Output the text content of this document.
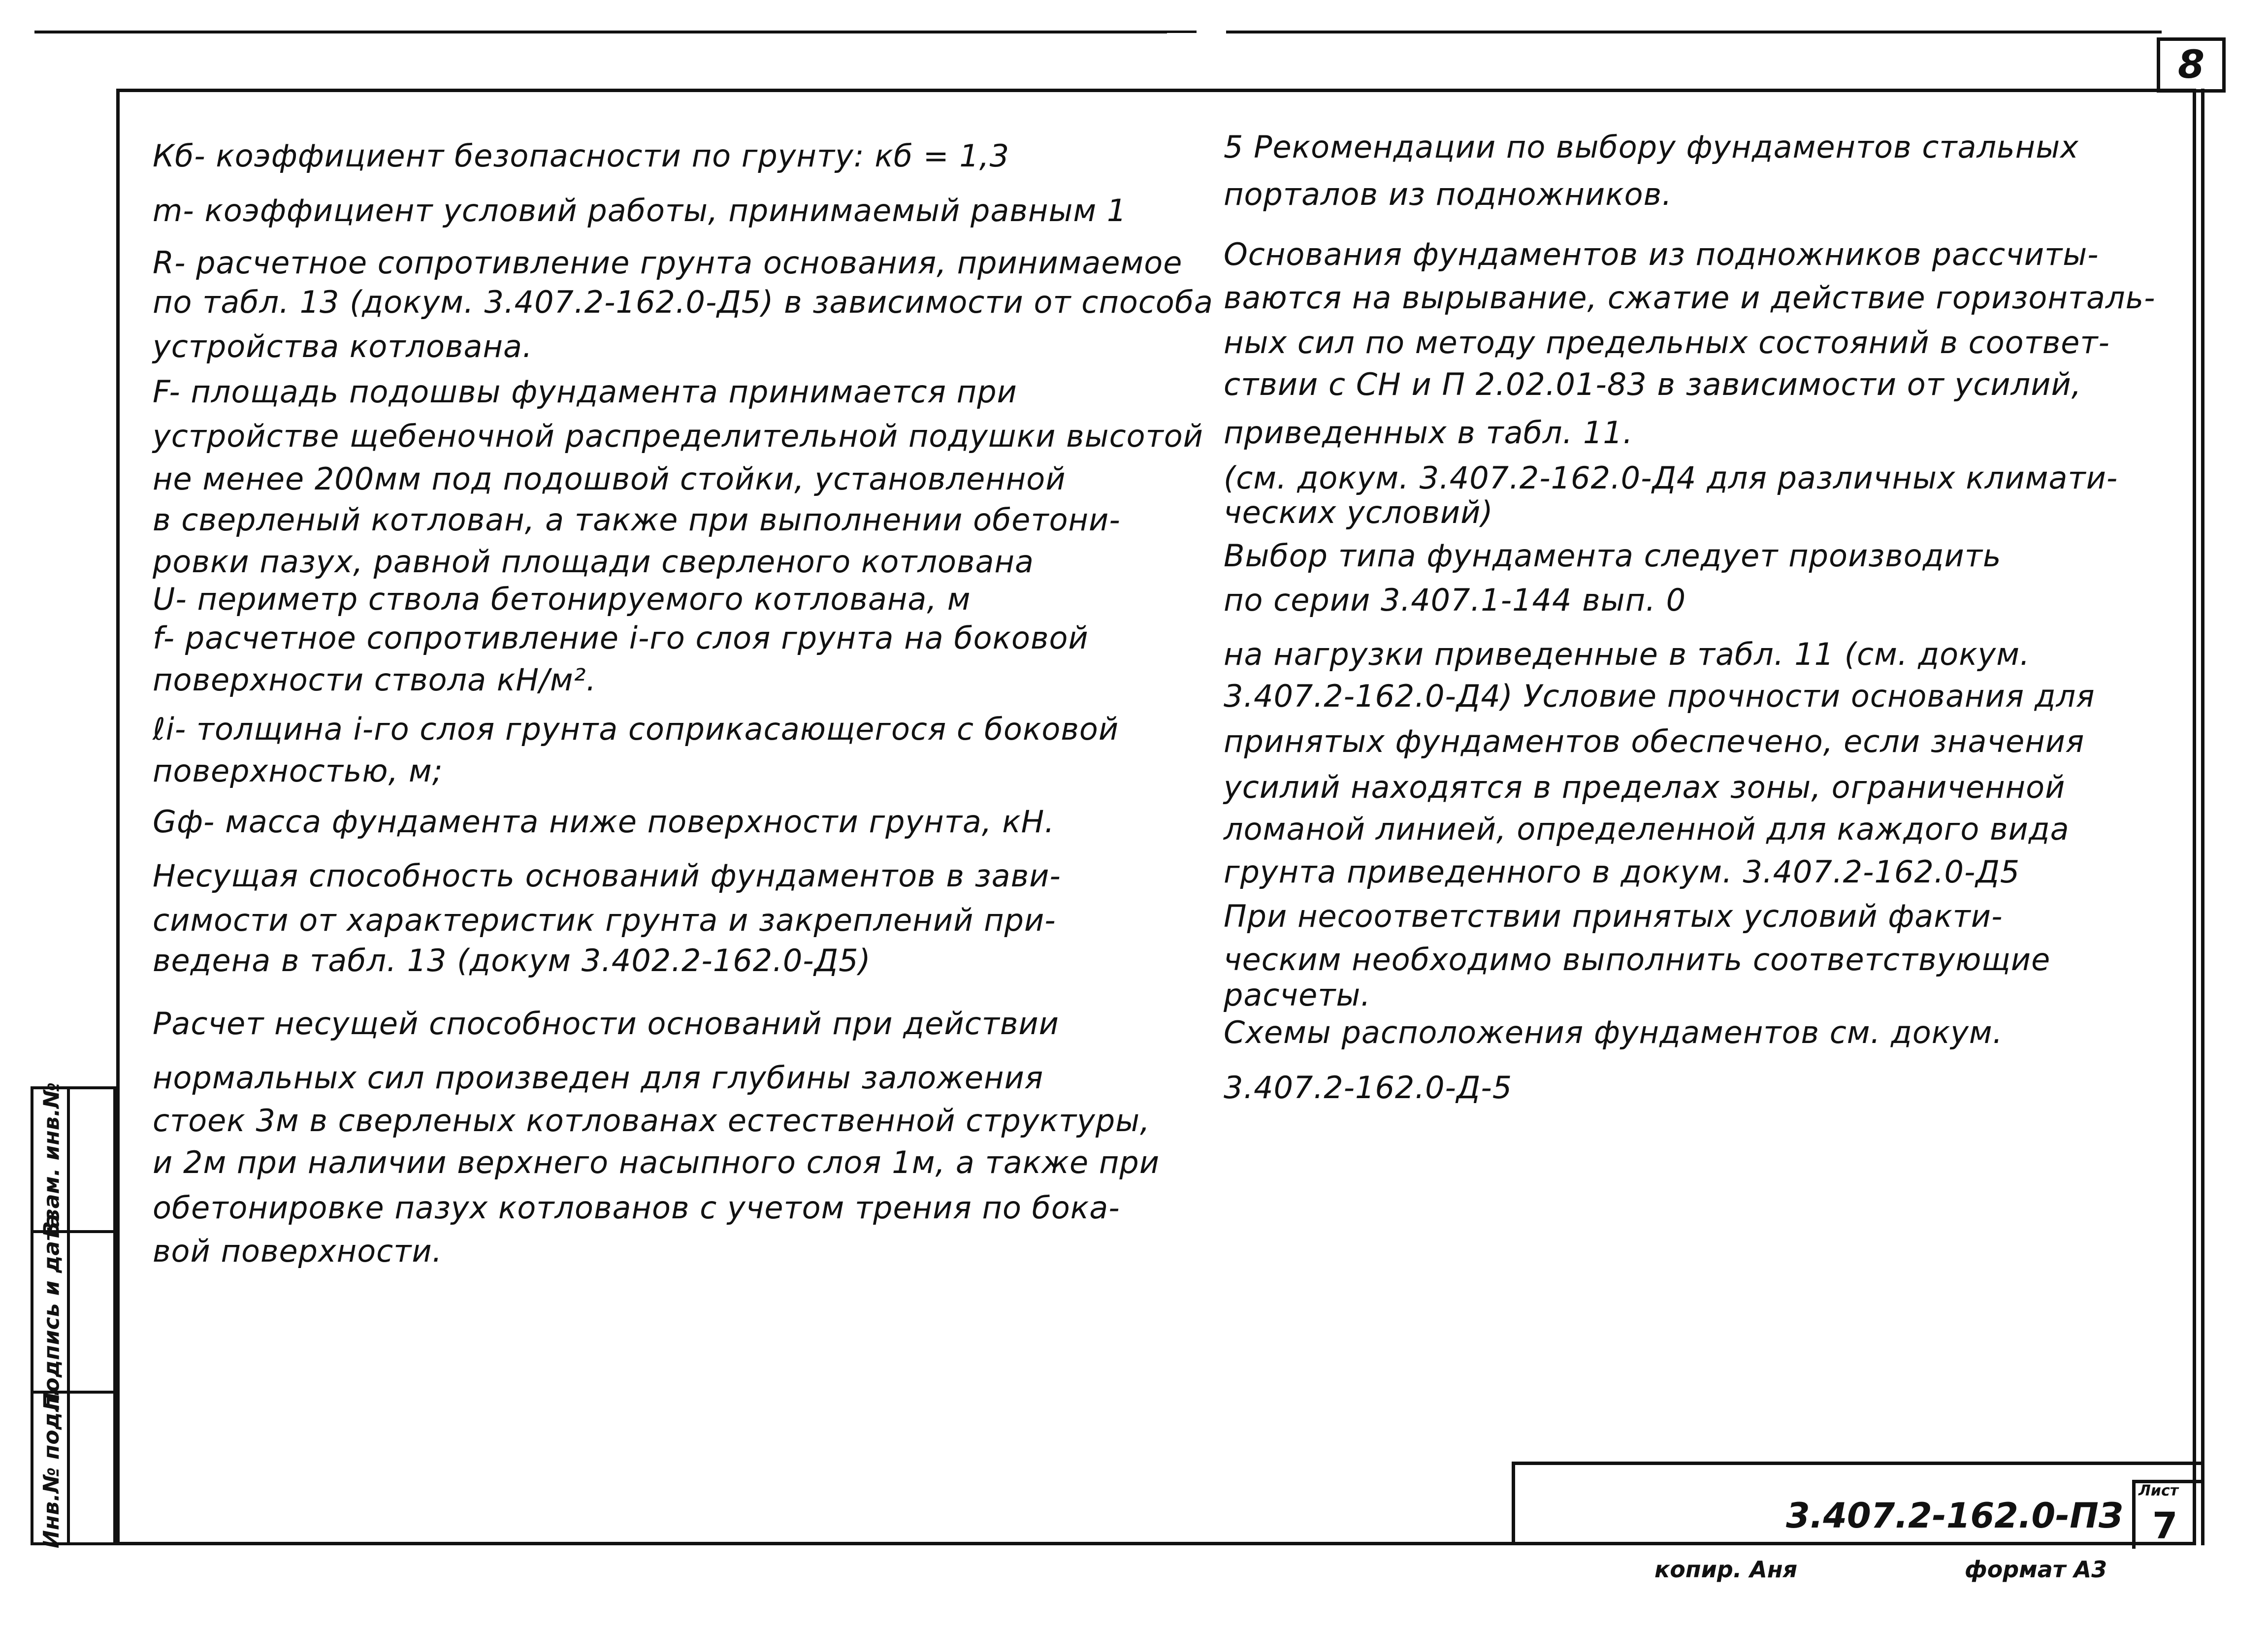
8
Взам. инв.№
Подпись и дата
Инв.№ подл.

Кб- коэффициент безопасности по грунту: кб = 1,3

m- коэффициент условий работы, принимаемый равным 1

R- расчетное сопротивление грунта основания, принимаемое

по табл. 13 (докум. 3.407.2-162.0-Д5) в зависимости от способа

устройства котлована.

F- площадь подошвы фундамента принимается при

устройстве щебеночной распределительной подушки высотой

не менее 200мм под подошвой стойки, установленной

в сверленый котлован, а также при выполнении обетони-

ровки пазух, равной площади сверленого котлована

U- периметр ствола бетонируемого котлована, м

f- расчетное сопротивление i-го слоя грунта на боковой

поверхности ствола кН/м².

ℓi- толщина i-го слоя грунта соприкасающегося с боковой

поверхностью, м;

Gф- масса фундамента ниже поверхности грунта, кН.

Несущая способность оснований фундаментов в зави-

симости от характеристик грунта и закреплений при-

ведена в табл. 13 (докум 3.402.2-162.0-Д5)

Расчет несущей способности оснований при действии

нормальных сил произведен для глубины заложения

стоек 3м в сверленых котлованах естественной структуры,

и 2м при наличии верхнего насыпного слоя 1м, а также при

обетонировке пазух котлованов с учетом трения по бока-

вой поверхности.

5 Рекомендации по выбору фундаментов стальных

порталов из подножников.

Основания фундаментов из подножников рассчиты-

ваются на вырывание, сжатие и действие горизонталь-

ных сил по методу предельных состояний в соответ-

ствии с СН и П 2.02.01-83 в зависимости от усилий,

приведенных в табл. 11.

(см. докум. 3.407.2-162.0-Д4 для различных климати-

ческих условий)

Выбор типа фундамента следует производить

по серии 3.407.1-144 вып. 0

на нагрузки приведенные в табл. 11 (см. докум.

3.407.2-162.0-Д4) Условие прочности основания для

принятых фундаментов обеспечено, если значения

усилий находятся в пределах зоны, ограниченной

ломаной линией, определенной для каждого вида

грунта приведенного в докум. 3.407.2-162.0-Д5

При несоответствии принятых условий факти-

ческим необходимо выполнить соответствующие

расчеты.

Схемы расположения фундаментов см. докум.

3.407.2-162.0-Д-5

3.407.2-162.0-ПЗ
Лист
7
копир. Аня	формат А3
